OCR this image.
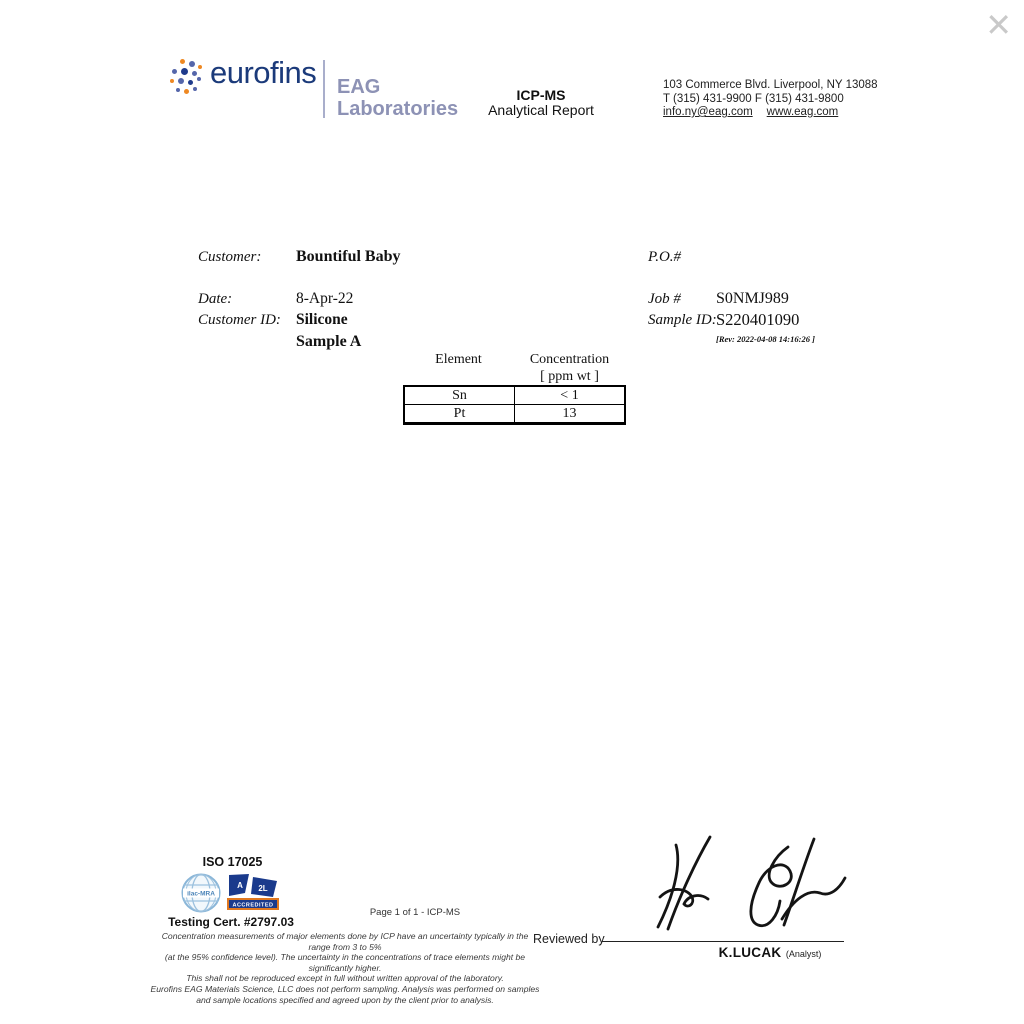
✕
eurofins EAG
Laboratories
ICP-MS
Analytical Report
103 Commerce Blvd. Liverpool, NY 13088
T (315) 431-9900 F (315) 431-9800
info.ny@eag.com www.eag.com
Customer: Bountiful Baby	P.O.#
Date:	8-Apr-22	Job # S0NMJ989
Customer ID: Silicone	Sample ID: S220401090
Sample A	[Rev: 2022-04-08 14:16:26 ]
Element	Concentration
[ ppm wt ]
Sn	< 1
Pt	13
ISO 17025
ilac-MRA
A 2L
ACCREDITED
Testing Cert. #2797.03
Page 1 of 1 - ICP-MS
Concentration measurements of major elements done by ICP have an uncertainty typically in the range from 3 to 5%
(at the 95% confidence level). The uncertainty in the concentrations of trace elements might be significantly higher.
This shall not be reproduced except in full without written approval of the laboratory.
Eurofins EAG Materials Science, LLC does not perform sampling. Analysis was performed on samples
and sample locations specified and agreed upon by the client prior to analysis.
Reviewed by
K.LUCAK (Analyst)
